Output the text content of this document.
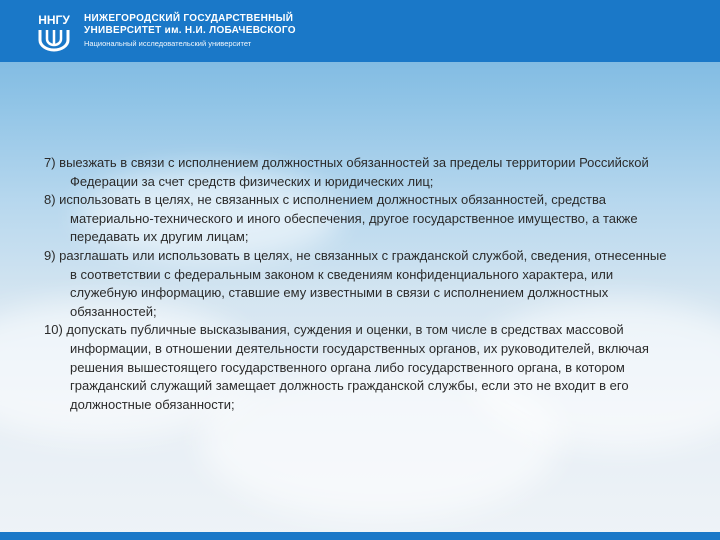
ННГУ НИЖЕГОРОДСКИЙ ГОСУДАРСТВЕННЫЙ
УНИВЕРСИТЕТ им. Н.И. ЛОБАЧЕВСКОГО
Национальный исследовательский университет

7) выезжать в связи с исполнением должностных обязанностей за пределы территории Российской Федерации за счет средств физических и юридических лиц;

8) использовать в целях, не связанных с исполнением должностных обязанностей, средства материально-технического и иного обеспечения, другое государственное имущество, а также передавать их другим лицам;

9) разглашать или использовать в целях, не связанных с гражданской службой, сведения, отнесенные в соответствии с федеральным законом к сведениям конфиденциального характера, или служебную информацию, ставшие ему известными в связи с исполнением должностных обязанностей;

10) допускать публичные высказывания, суждения и оценки, в том числе в средствах массовой информации, в отношении деятельности государственных органов, их руководителей, включая решения вышестоящего государственного органа либо государственного органа, в котором гражданский служащий замещает должность гражданской службы, если это не входит в его должностные обязанности;
